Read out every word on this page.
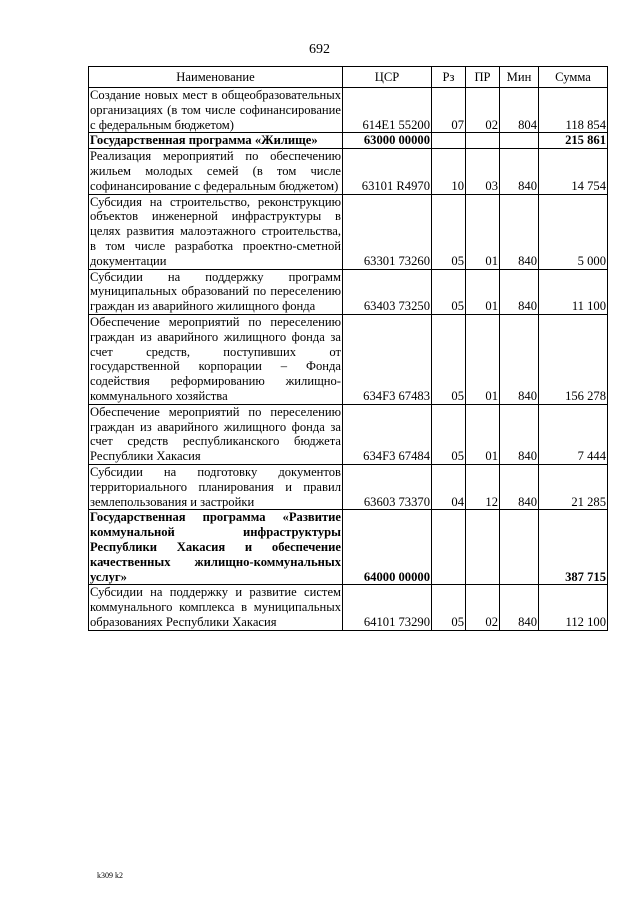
692
Наименование	ЦСР	Рз	ПР	Мин	Сумма
Создание новых мест в общеобразовательных организациях (в том числе софинансирование с федеральным бюджетом)	614E1 55200	07	02	804	118 854
Государственная программа «Жилище»	63000 00000				215 861
Реализация мероприятий по обеспечению жильем молодых семей (в том числе софинансирование с федеральным бюджетом)	63101 R4970	10	03	840	14 754
Субсидия на строительство, реконструкцию объектов инженерной инфраструктуры в целях развития малоэтажного строительства, в том числе разработка проектно-сметной документации	63301 73260	05	01	840	5 000
Субсидии на поддержку программ муниципальных образований по переселению граждан из аварийного жилищного фонда	63403 73250	05	01	840	11 100
Обеспечение мероприятий по переселению граждан из аварийного жилищного фонда за счет средств, поступивших от государственной корпорации – Фонда содействия реформированию жилищно-коммунального хозяйства	634F3 67483	05	01	840	156 278
Обеспечение мероприятий по переселению граждан из аварийного жилищного фонда за счет средств республиканского бюджета Республики Хакасия	634F3 67484	05	01	840	7 444
Субсидии на подготовку документов территориального планирования и правил землепользования и застройки	63603 73370	04	12	840	21 285
Государственная программа «Развитие коммунальной инфраструктуры Республики Хакасия и обеспечение качественных жилищно-коммунальных услуг»	64000 00000				387 715
Субсидии на поддержку и развитие систем коммунального комплекса в муниципальных образованиях Республики Хакасия	64101 73290	05	02	840	112 100
k309 k2
